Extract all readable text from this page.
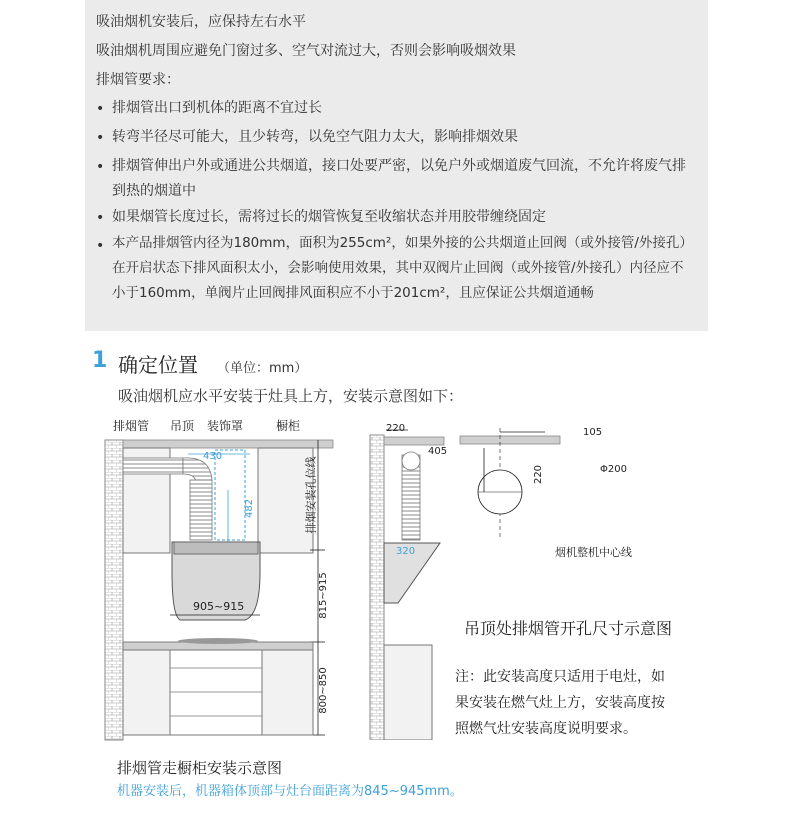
吸油烟机安装后，应保持左右水平
吸油烟机周围应避免门窗过多、空气对流过大，否则会影响吸烟效果
排烟管要求：
• 排烟管出口到机体的距离不宜过长
• 转弯半径尽可能大，且少转弯，以免空气阻力太大，影响排烟效果
• 排烟管伸出户外或通进公共烟道，接口处要严密，以免户外或烟道废气回流，不允许将废气排到热的烟道中
• 如果烟管长度过长，需将过长的烟管恢复至收缩状态并用胶带缠绕固定
• 本产品排烟管内径为180mm，面积为255cm²，如果外接的公共烟道止回阀（或外接管/外接孔）在开启状态下排风面积太小，会影响使用效果，其中双阀片止回阀（或外接管/外接孔）内径应不小于160mm，单阀片止回阀排风面积应不小于201cm²，且应保证公共烟道通畅
1 确定位置 （单位：mm）
吸油烟机应水平安装于灶具上方，安装示意图如下：
排烟管 吊顶 装饰罩	橱柜
430
482
905~915	815~915
800~850
排烟安装孔位线
220
405
320
105
220	Φ200
烟机整机中心线
吊顶处排烟管开孔尺寸示意图
注：此安装高度只适用于电灶，如
果安装在燃气灶上方，安装高度按
照燃气灶安装高度说明要求。
排烟管走橱柜安装示意图
机器安装后，机器箱体顶部与灶台面距离为845~945mm。
